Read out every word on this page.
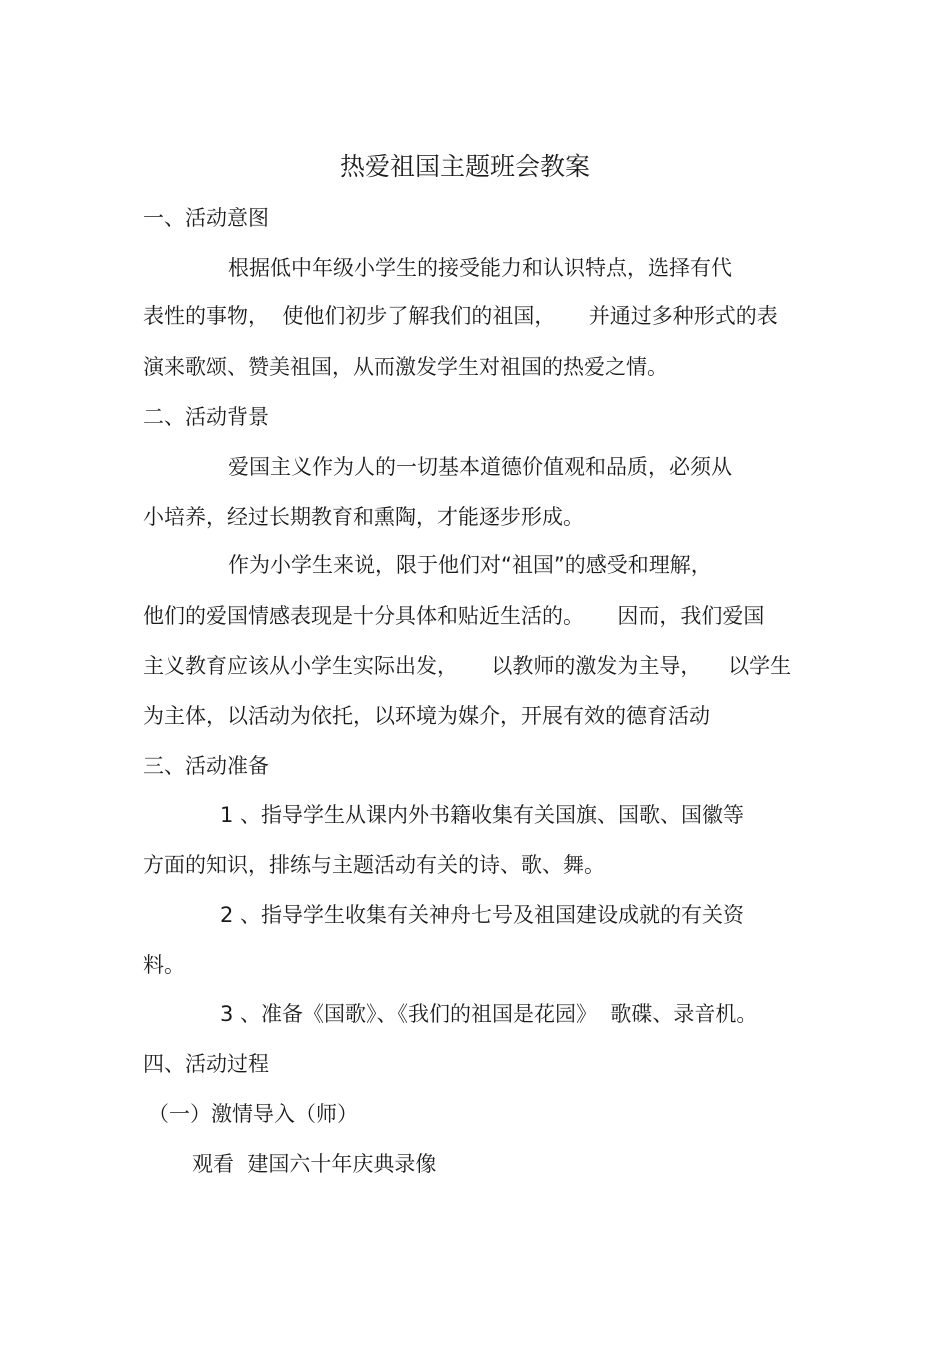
热爱祖国主题班会教案
一、活动意图
根据低中年级小学生的接受能力和认识特点，选择有代
表性的事物，  使他们初步了解我们的祖国，     并通过多种形式的表
演来歌颂、赞美祖国，从而激发学生对祖国的热爱之情。
二、活动背景
爱国主义作为人的一切基本道德价值观和品质，必须从
小培养，经过长期教育和熏陶，才能逐步形成。
作为小学生来说，限于他们对“祖国”的感受和理解，
他们的爱国情感表现是十分具体和贴近生活的。     因而，我们爱国
主义教育应该从小学生实际出发，     以教师的激发为主导，    以学生
为主体，以活动为依托，以环境为媒介，开展有效的德育活动
三、活动准备
1 、指导学生从课内外书籍收集有关国旗、国歌、国徽等
方面的知识，排练与主题活动有关的诗、歌、舞。
2 、指导学生收集有关神舟七号及祖国建设成就的有关资
料。
3 、准备《国歌》、《我们的祖国是花园》  歌碟、录音机。
四、活动过程
（一）激情导入（师）
观看  建国六十年庆典录像
